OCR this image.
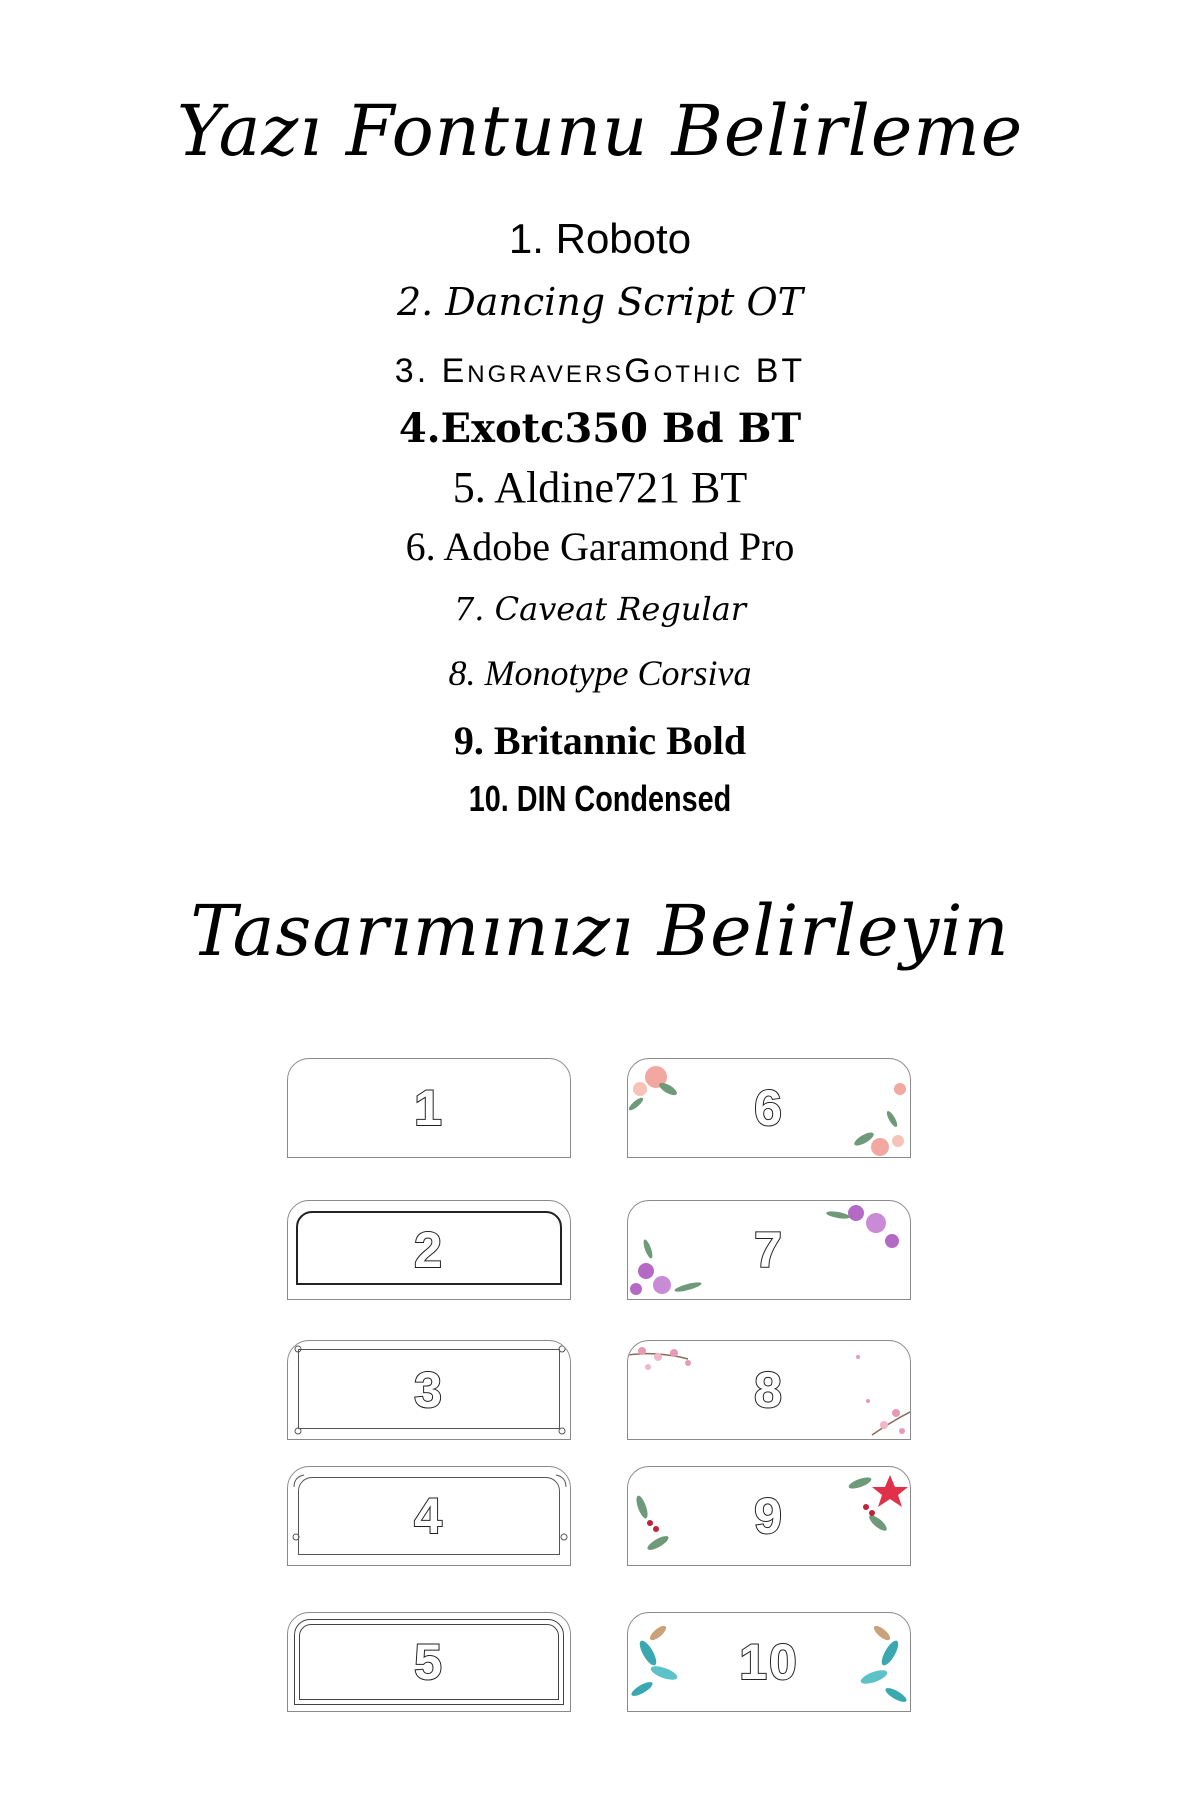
Yazı Fontunu Belirleme
1. Roboto
2. Dancing Script OT
3. EngraversGothic BT
4.Exotc350 Bd BT
5. Aldine721 BT
6. Adobe Garamond Pro
7. Caveat Regular
8. Monotype Corsiva
9. Britannic Bold
10. DIN Condensed
Tasarımınızı Belirleyin
1
2
3
4
5
6
7
8
9
10
